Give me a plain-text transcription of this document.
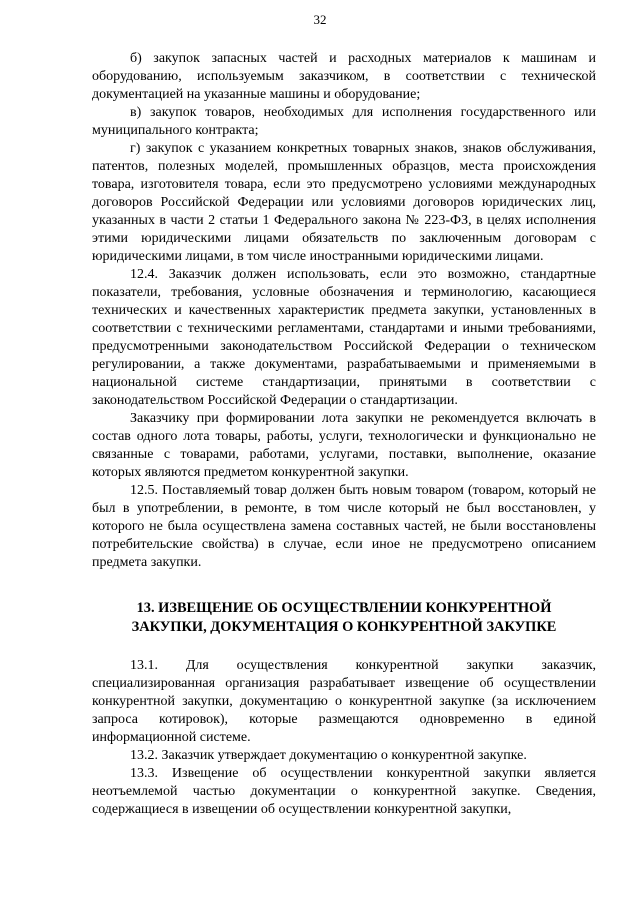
32

б) закупок запасных частей и расходных материалов к машинам и оборудованию, используемым заказчиком, в соответствии с технической документацией на указанные машины и оборудование;

в) закупок товаров, необходимых для исполнения государственного или муниципального контракта;

г) закупок с указанием конкретных товарных знаков, знаков обслуживания, патентов, полезных моделей, промышленных образцов, места происхождения товара, изготовителя товара, если это предусмотрено условиями международных договоров Российской Федерации или условиями договоров юридических лиц, указанных в части 2 статьи 1 Федерального закона № 223-ФЗ, в целях исполнения этими юридическими лицами обязательств по заключенным договорам с юридическими лицами, в том числе иностранными юридическими лицами.

12.4. Заказчик должен использовать, если это возможно, стандартные показатели, требования, условные обозначения и терминологию, касающиеся технических и качественных характеристик предмета закупки, установленных в соответствии с техническими регламентами, стандартами и иными требованиями, предусмотренными законодательством Российской Федерации о техническом регулировании, а также документами, разрабатываемыми и применяемыми в национальной системе стандартизации, принятыми в соответствии с законодательством Российской Федерации о стандартизации.

Заказчику при формировании лота закупки не рекомендуется включать в состав одного лота товары, работы, услуги, технологически и функционально не связанные с товарами, работами, услугами, поставки, выполнение, оказание которых являются предметом конкурентной закупки.

12.5. Поставляемый товар должен быть новым товаром (товаром, который не был в употреблении, в ремонте, в том числе который не был восстановлен, у которого не была осуществлена замена составных частей, не были восстановлены потребительские свойства) в случае, если иное не предусмотрено описанием предмета закупки.

13. ИЗВЕЩЕНИЕ ОБ ОСУЩЕСТВЛЕНИИ КОНКУРЕНТНОЙ
ЗАКУПКИ, ДОКУМЕНТАЦИЯ О КОНКУРЕНТНОЙ ЗАКУПКЕ

13.1. Для осуществления конкурентной закупки заказчик, специализированная организация разрабатывает извещение об осуществлении конкурентной закупки, документацию о конкурентной закупке (за исключением запроса котировок), которые размещаются одновременно в единой информационной системе.

13.2. Заказчик утверждает документацию о конкурентной закупке.

13.3. Извещение об осуществлении конкурентной закупки является неотъемлемой частью документации о конкурентной закупке. Сведения, содержащиеся в извещении об осуществлении конкурентной закупки,
